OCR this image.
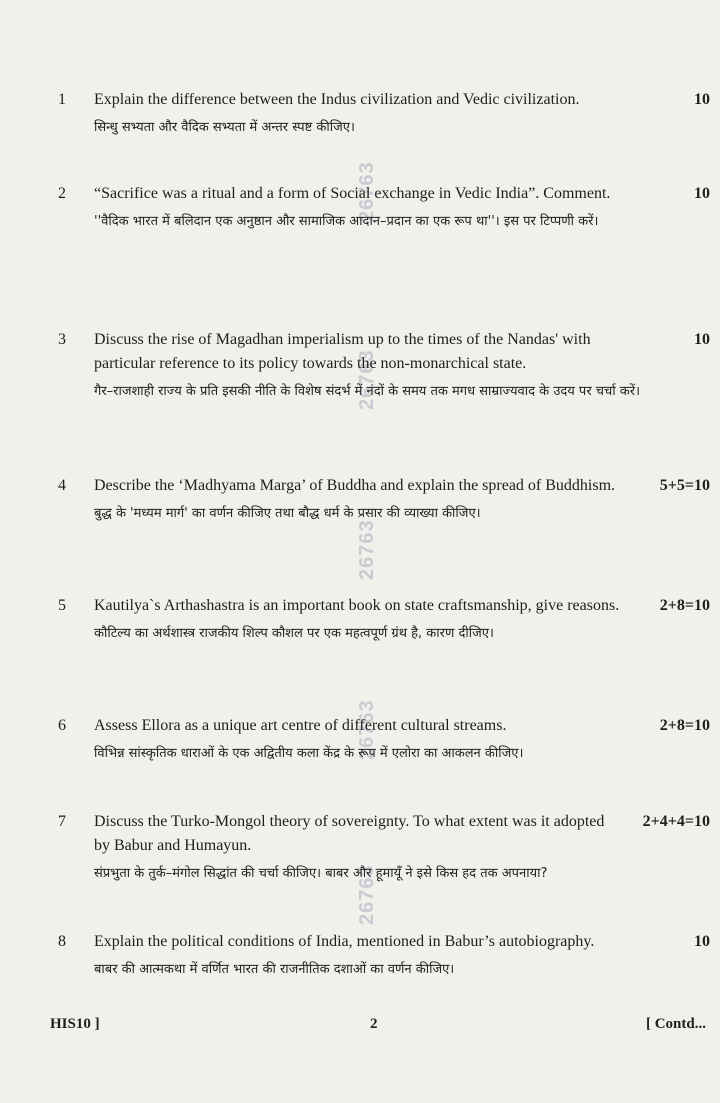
26763
26763
26763
26763
26763
1 Explain the difference between the Indus civilization and Vedic civilization.

सिन्धु सभ्यता और वैदिक सभ्यता में अन्तर स्पष्ट कीजिए।

10
2 “Sacrifice was a ritual and a form of Social exchange in Vedic India”. Comment.

''वैदिक भारत में बलिदान एक अनुष्ठान और सामाजिक आदान–प्रदान का एक रूप था''। इस पर टिप्पणी करें।

10
3 Discuss the rise of Magadhan imperialism up to the times of the Nandas' with particular reference to its policy towards the non-monarchical state.

गैर–राजशाही राज्य के प्रति इसकी नीति के विशेष संदर्भ में नंदों के समय तक मगध साम्राज्यवाद के उदय पर चर्चा करें।

10
4 Describe the ‘Madhyama Marga’ of Buddha and explain the spread of Buddhism.

बुद्ध के 'मध्यम मार्ग' का वर्णन कीजिए तथा बौद्ध धर्म के प्रसार की व्याख्या कीजिए।

5+5=10
5 Kautilya`s Arthashastra is an important book on state craftsmanship, give reasons.

कौटिल्य का अर्थशास्त्र राजकीय शिल्प कौशल पर एक महत्वपूर्ण ग्रंथ है, कारण दीजिए।

2+8=10
6 Assess Ellora as a unique art centre of different cultural streams.

विभिन्न सांस्कृतिक धाराओं के एक अद्वितीय कला केंद्र के रूप में एलोरा का आकलन कीजिए।

2+8=10
7 Discuss the Turko-Mongol theory of sovereignty. To what extent was it adopted by Babur and Humayun.

संप्रभुता के तुर्क–मंगोल सिद्धांत की चर्चा कीजिए। बाबर और हूमायूँ ने इसे किस हद तक अपनाया?

2+4+4=10
8 Explain the political conditions of India, mentioned in Babur’s autobiography.

बाबर की आत्मकथा में वर्णित भारत की राजनीतिक दशाओं का वर्णन कीजिए।

10
HIS10 ]	2	[ Contd...
